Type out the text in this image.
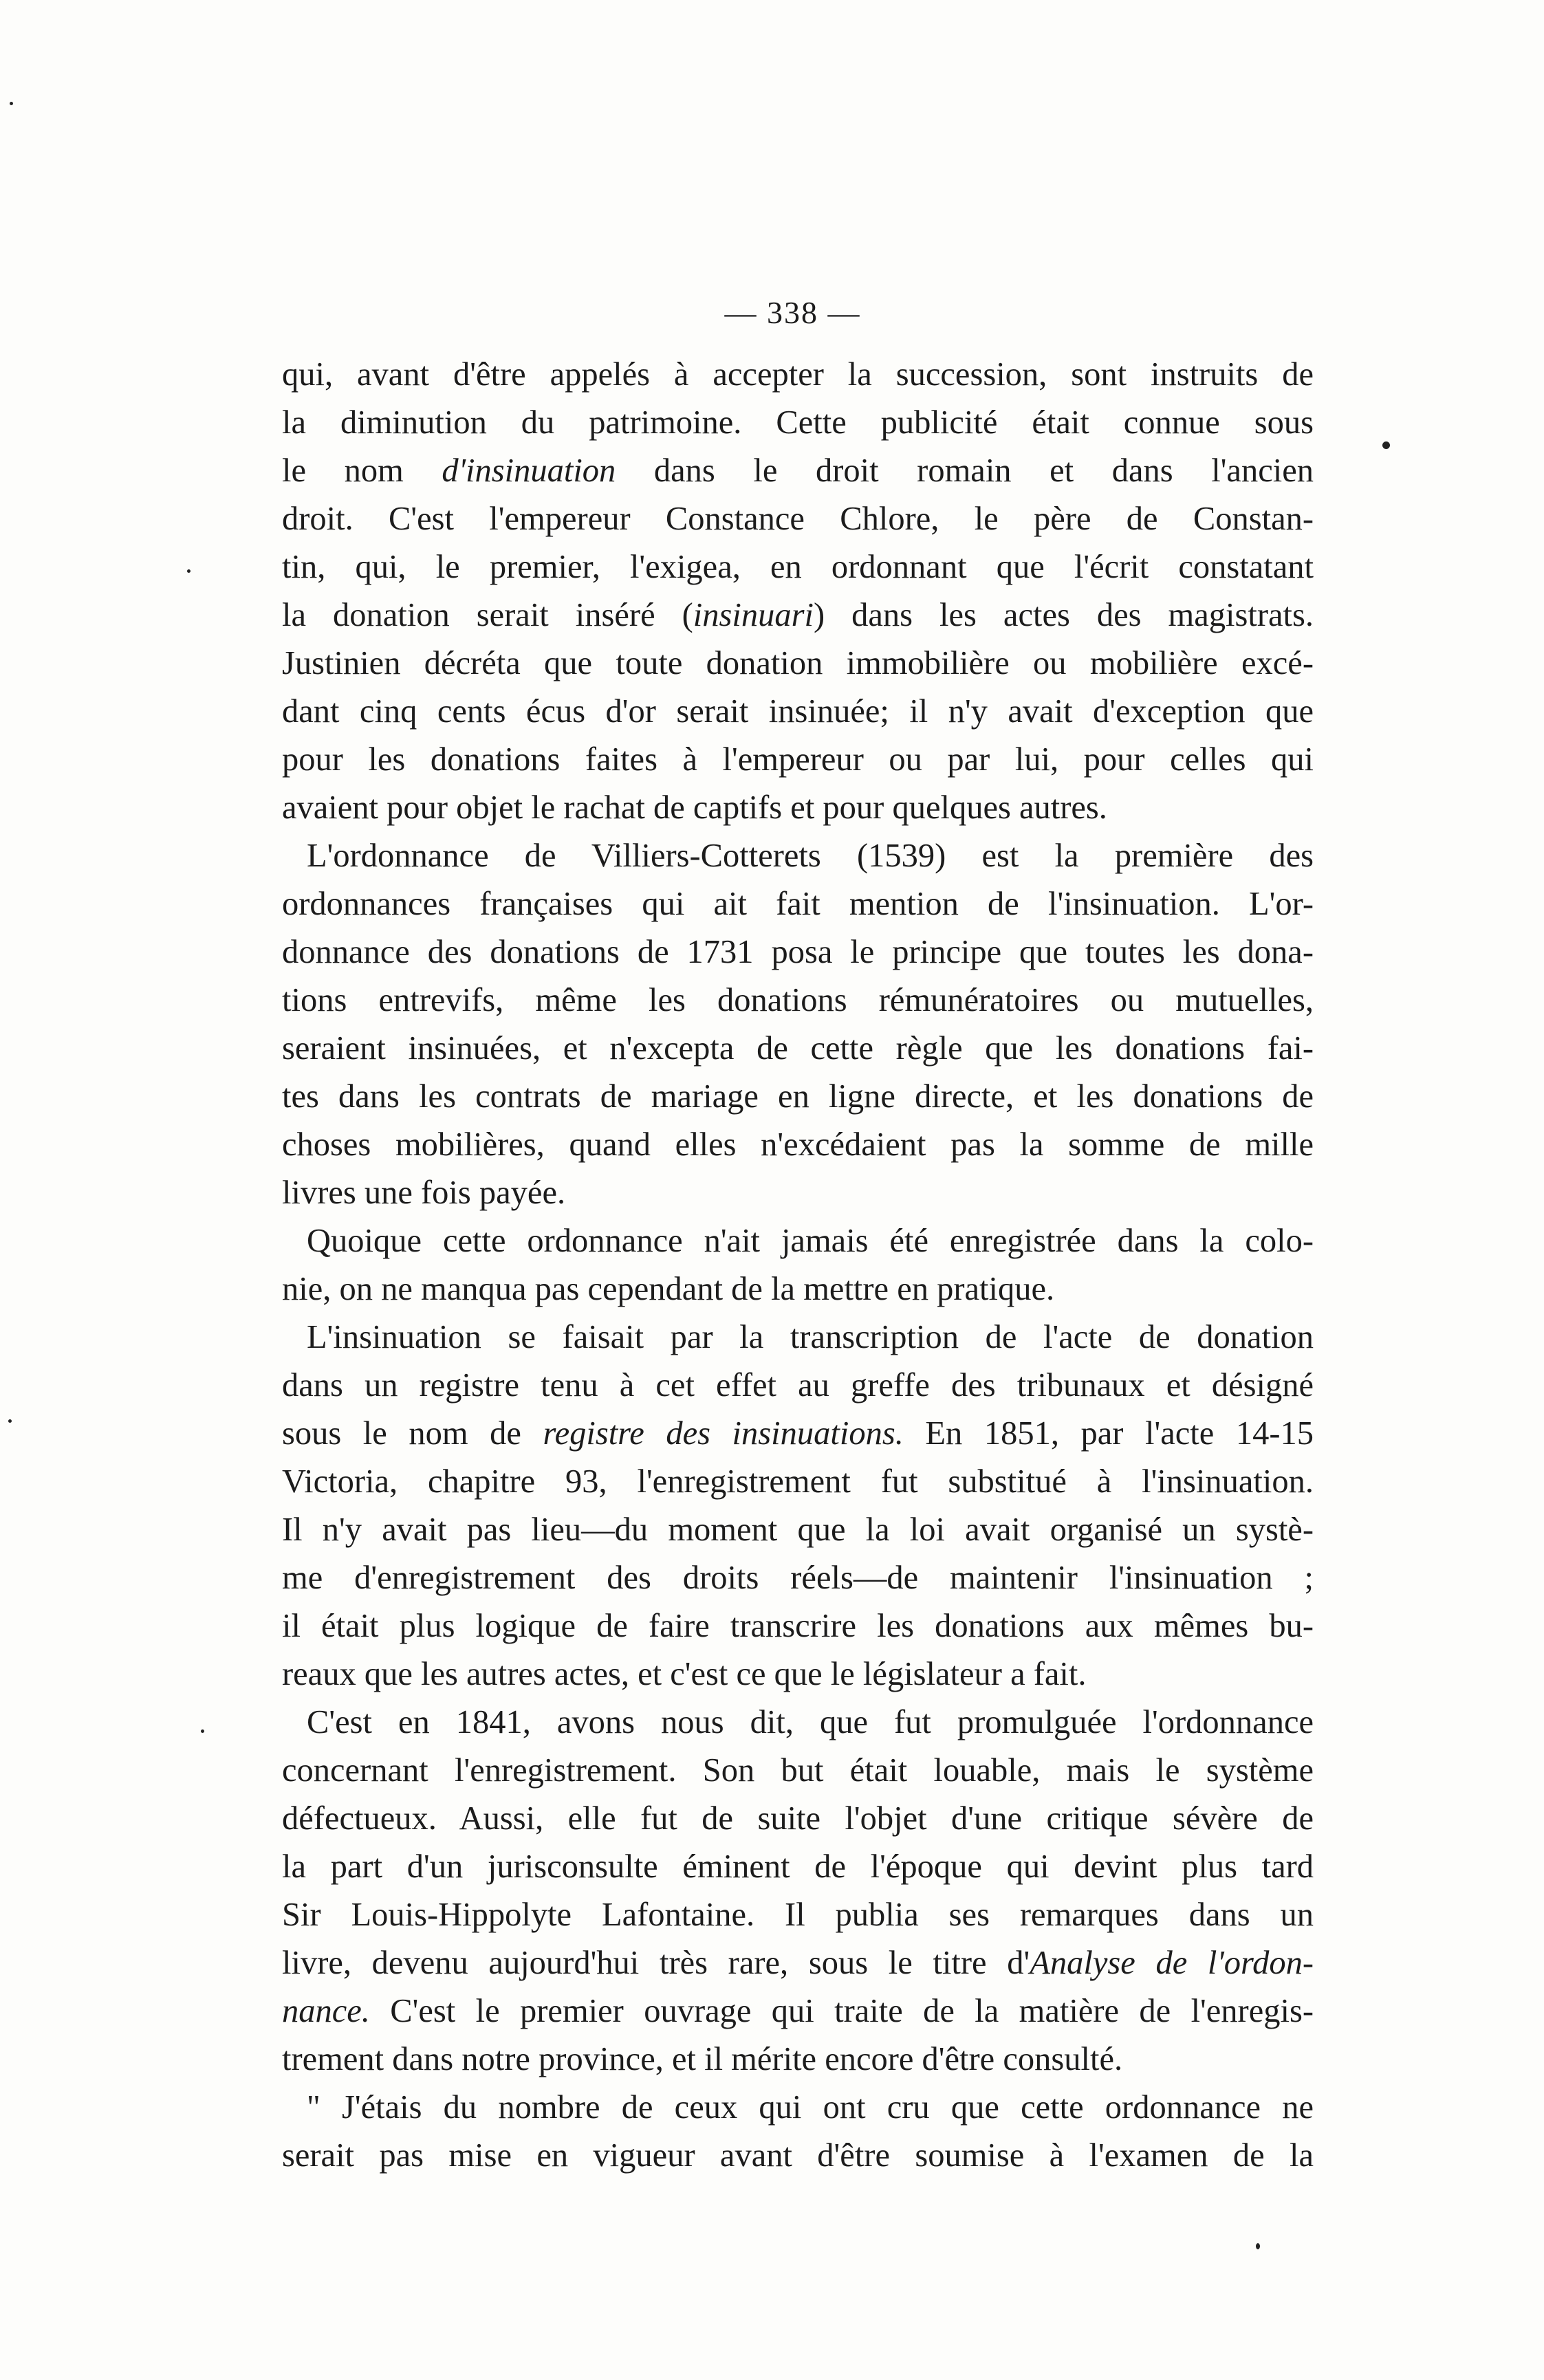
— 338 —
qui, avant d'être appelés à accepter la succession, sont instruits de
la diminution du patrimoine. Cette publicité était connue sous
le nom d'insinuation dans le droit romain et dans l'ancien
droit. C'est l'empereur Constance Chlore, le père de Constan-
tin, qui, le premier, l'exigea, en ordonnant que l'écrit constatant
la donation serait inséré (insinuari) dans les actes des magistrats.
Justinien décréta que toute donation immobilière ou mobilière excé-
dant cinq cents écus d'or serait insinuée; il n'y avait d'exception que
pour les donations faites à l'empereur ou par lui, pour celles qui
avaient pour objet le rachat de captifs et pour quelques autres.
L'ordonnance de Villiers-Cotterets (1539) est la première des
ordonnances françaises qui ait fait mention de l'insinuation. L'or-
donnance des donations de 1731 posa le principe que toutes les dona-
tions entrevifs, même les donations rémunératoires ou mutuelles,
seraient insinuées, et n'excepta de cette règle que les donations fai-
tes dans les contrats de mariage en ligne directe, et les donations de
choses mobilières, quand elles n'excédaient pas la somme de mille
livres une fois payée.
Quoique cette ordonnance n'ait jamais été enregistrée dans la colo-
nie, on ne manqua pas cependant de la mettre en pratique.
L'insinuation se faisait par la transcription de l'acte de donation
dans un registre tenu à cet effet au greffe des tribunaux et désigné
sous le nom de registre des insinuations. En 1851, par l'acte 14-15
Victoria, chapitre 93, l'enregistrement fut substitué à l'insinuation.
Il n'y avait pas lieu—du moment que la loi avait organisé un systè-
me d'enregistrement des droits réels—de maintenir l'insinuation ;
il était plus logique de faire transcrire les donations aux mêmes bu-
reaux que les autres actes, et c'est ce que le législateur a fait.
C'est en 1841, avons nous dit, que fut promulguée l'ordonnance
concernant l'enregistrement. Son but était louable, mais le système
défectueux. Aussi, elle fut de suite l'objet d'une critique sévère de
la part d'un jurisconsulte éminent de l'époque qui devint plus tard
Sir Louis-Hippolyte Lafontaine. Il publia ses remarques dans un
livre, devenu aujourd'hui très rare, sous le titre d'Analyse de l'ordon-
nance. C'est le premier ouvrage qui traite de la matière de l'enregis-
trement dans notre province, et il mérite encore d'être consulté.
" J'étais du nombre de ceux qui ont cru que cette ordonnance ne
serait pas mise en vigueur avant d'être soumise à l'examen de la
